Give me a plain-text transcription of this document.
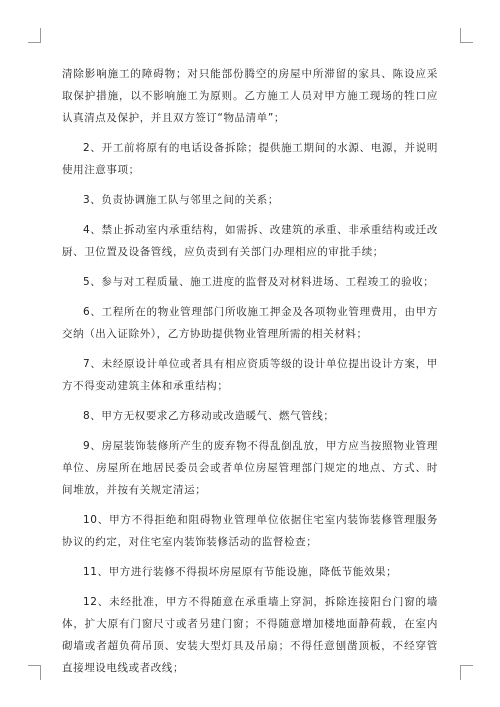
清除影响施工的障碍物；对只能部份腾空的房屋中所滞留的家具、陈设应采取保护措施，以不影响施工为原则。乙方施工人员对甲方施工现场的牲口应认真清点及保护，并且双方签订“物品清单”；

2、开工前将原有的电话设备拆除；提供施工期间的水源、电源，并说明使用注意事项；

3、负责协调施工队与邻里之间的关系；

4、禁止拆动室内承重结构，如需拆、改建筑的承重、非承重结构或迁改厨、卫位置及设备管线，应负责到有关部门办理相应的审批手续；

5、参与对工程质量、施工进度的监督及对材料进场、工程竣工的验收；

6、工程所在的物业管理部门所收施工押金及各项物业管理费用，由甲方交纳（出入证除外），乙方协助提供物业管理所需的相关材料；

7、未经原设计单位或者具有相应资质等级的设计单位提出设计方案，甲方不得变动建筑主体和承重结构；

8、甲方无权要求乙方移动或改造暖气、燃气管线；

9、房屋装饰装修所产生的废弃物不得乱倒乱放，甲方应当按照物业管理单位、房屋所在地居民委员会或者单位房屋管理部门规定的地点、方式、时间堆放，并按有关规定清运；

10、甲方不得拒绝和阻碍物业管理单位依据住宅室内装饰装修管理服务协议的约定，对住宅室内装饰装修活动的监督检查；

11、甲方进行装修不得损坏房屋原有节能设施，降低节能效果；

12、未经批准，甲方不得随意在承重墙上穿洞，拆除连接阳台门窗的墙体，扩大原有门窗尺寸或者另建门窗；不得随意增加楼地面静荷载，在室内砌墙或者超负荷吊顶、安装大型灯具及吊扇；不得任意刨凿顶板，不经穿管直接埋设电线或者改线；
